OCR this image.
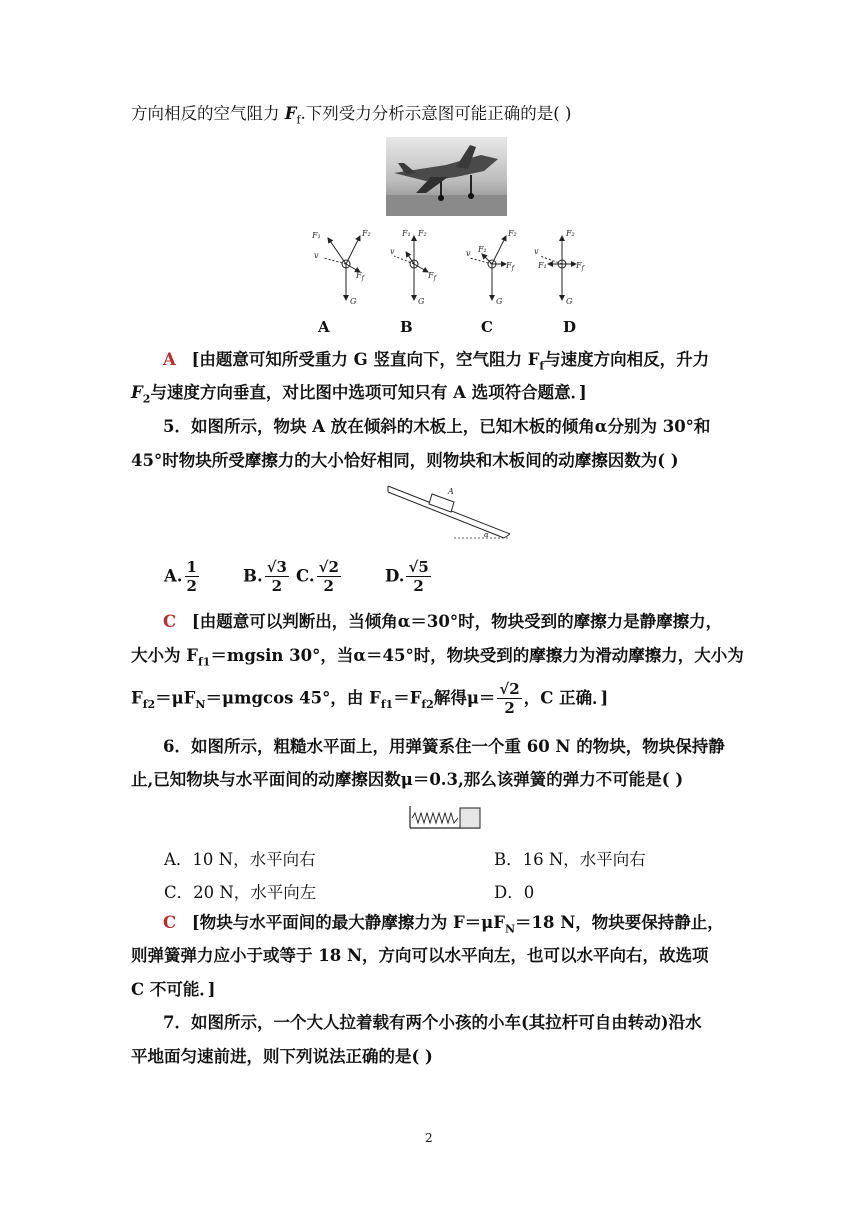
方向相反的空气阻力 $F_f$.下列受力分析示意图可能正确的是( )
F₁	F₂
v
$F_f$
G
F₁ F₂
v
$F_f$
G
F₁
F₂
v
$F_f$
G
F₁
F₂
v
$F_f$
G
A	B	C	D
A [由题意可知所受重力 G 竖直向下，空气阻力 $F_f$与速度方向相反，升力
$F_2$与速度方向垂直，对比图中选项可知只有 A 选项符合题意．]
5．如图所示，物块 A 放在倾斜的木板上，已知木板的倾角α分别为 30°和
45°时物块所受摩擦力的大小恰好相同，则物块和木板间的动摩擦因数为( )
A
α
A. $\frac{1}{2}$	B. $\frac{√3}{2} C$. $\frac{√2}{2}$	D. $\frac{√5}{2}$
C [由题意可以判断出，当倾角α＝30°时，物块受到的摩擦力是静摩擦力，
大小为 $F_{f1}=mgsin$ 30°，当α＝45°时，物块受到的摩擦力为滑动摩擦力，大小为
$F_{f2}=\mu F_N=\mu mgcos$ 45°，由 $F_{f1}=F_{f2}$解得$\mu= \frac{√2}{2}$ ，C 正确．]
6．如图所示，粗糙水平面上，用弹簧系住一个重 60 N 的物块，物块保持静
止,已知物块与水平面间的动摩擦因数μ＝0.3,那么该弹簧的弹力不可能是( )
A．10 N，水平向右	B．16 N，水平向右
C．20 N，水平向左	D．0
C [物块与水平面间的最大静摩擦力为 $F=\mu F_N=18$ N，物块要保持静止，
则弹簧弹力应小于或等于 18 N，方向可以水平向左，也可以水平向右，故选项
C 不可能．]
7．如图所示，一个大人拉着载有两个小孩的小车(其拉杆可自由转动)沿水
平地面匀速前进，则下列说法正确的是( )
2
